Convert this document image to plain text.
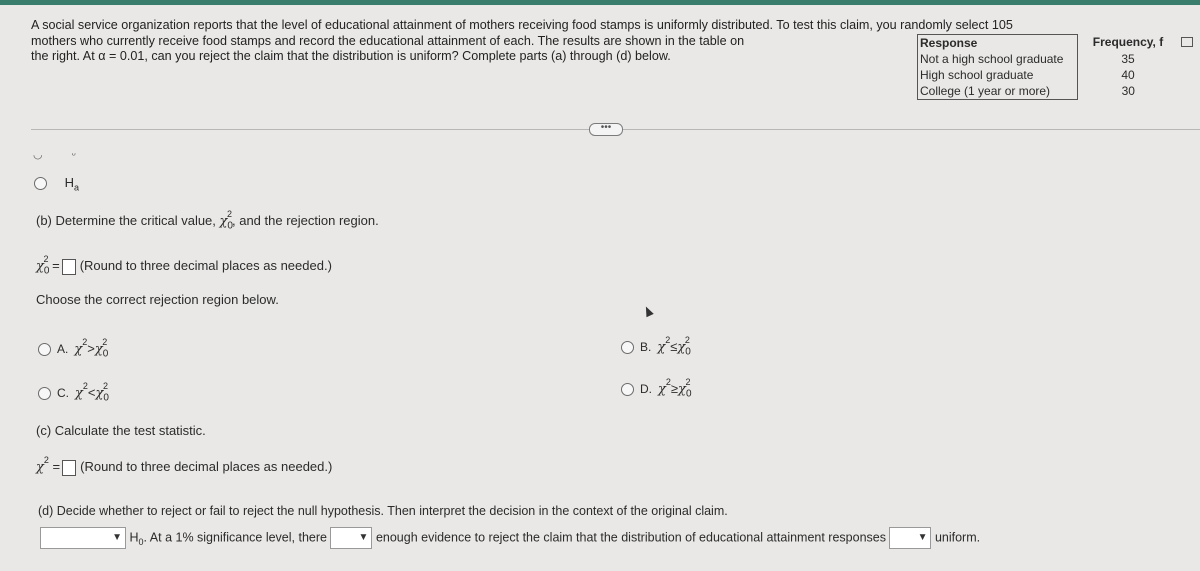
A social service organization reports that the level of educational attainment of mothers receiving food stamps is uniformly distributed. To test this claim, you randomly select 105
mothers who currently receive food stamps and record the educational attainment of each. The results are shown in the table on
the right. At α = 0.01, can you reject the claim that the distribution is uniform? Complete parts (a) through (d) below.
Response	Frequency, f
Not a high school graduate	35
High school graduate	40
College (1 year or more)	30
•••
◡	ᵕ
$H_a$
(b) Determine the critical value, $\chi_0^2$, and the rejection region.
$\chi_0^2$ = (Round to three decimal places as needed.)
Choose the correct rejection region below.
A. $\chi^2>\chi_0^2$
C. $\chi^2<\chi_0^2$
B. $\chi^2\le\chi_0^2$
D. $\chi^2\ge\chi_0^2$
(c) Calculate the test statistic.
$\chi^2$ = (Round to three decimal places as needed.)
(d) Decide whether to reject or fail to reject the null hypothesis. Then interpret the decision in the context of the original claim.
▼ $H_0$. At a 1% significance level, there	▼ enough evidence to reject the claim that the distribution of educational attainment responses	▼ uniform.
